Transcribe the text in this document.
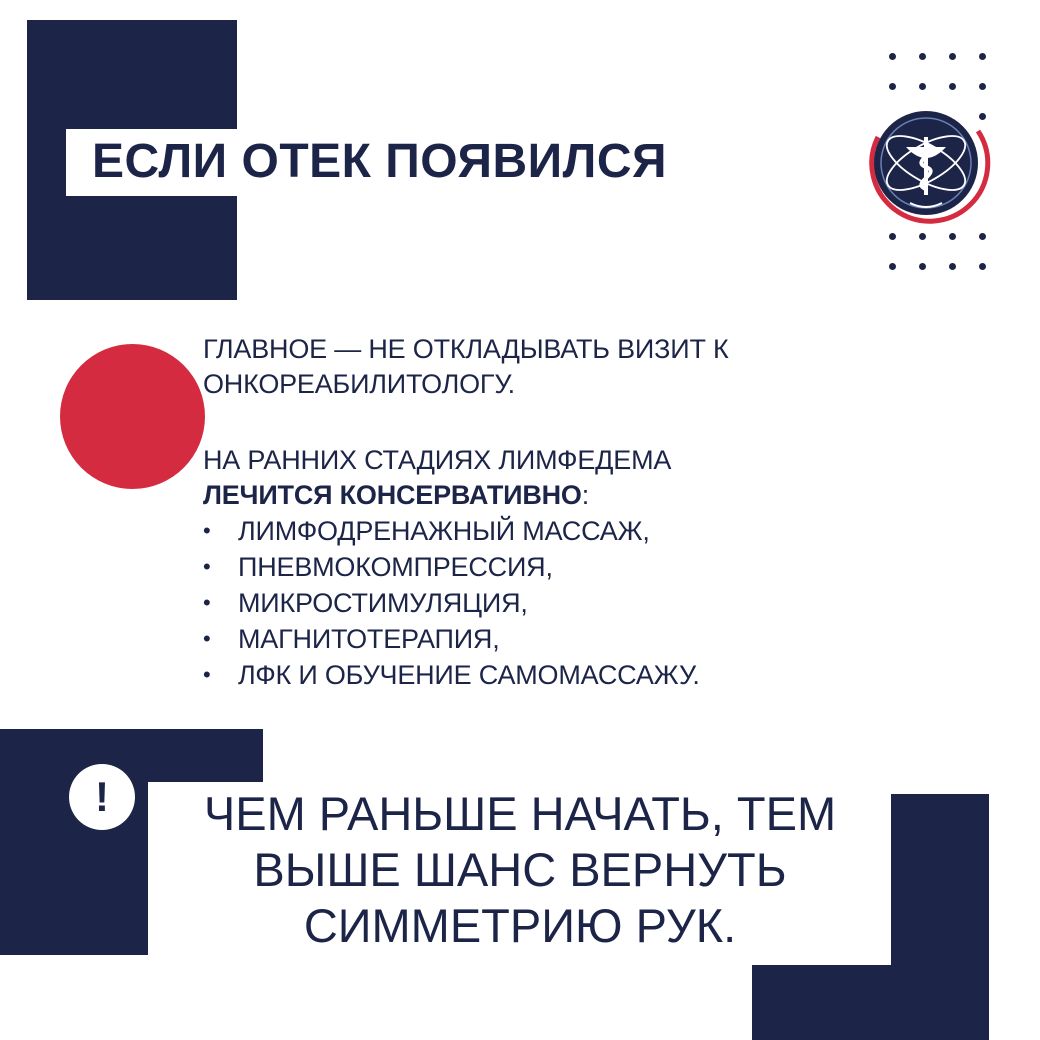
ЕСЛИ ОТЕК ПОЯВИЛСЯ

ГЛАВНОЕ — НЕ ОТКЛАДЫВАТЬ ВИЗИТ К ОНКОРЕАБИЛИТОЛОГУ.

НА РАННИХ СТАДИЯХ ЛИМФЕДЕМА
ЛЕЧИТСЯ КОНСЕРВАТИВНО:

• ЛИМФОДРЕНАЖНЫЙ МАССАЖ,
• ПНЕВМОКОМПРЕССИЯ,
• МИКРОСТИМУЛЯЦИЯ,
• МАГНИТОТЕРАПИЯ,
• ЛФК И ОБУЧЕНИЕ САМОМАССАЖУ.
!	ЧЕМ РАНЬШЕ НАЧАТЬ, ТЕМ ВЫШЕ ШАНС ВЕРНУТЬ СИММЕТРИЮ РУК.
